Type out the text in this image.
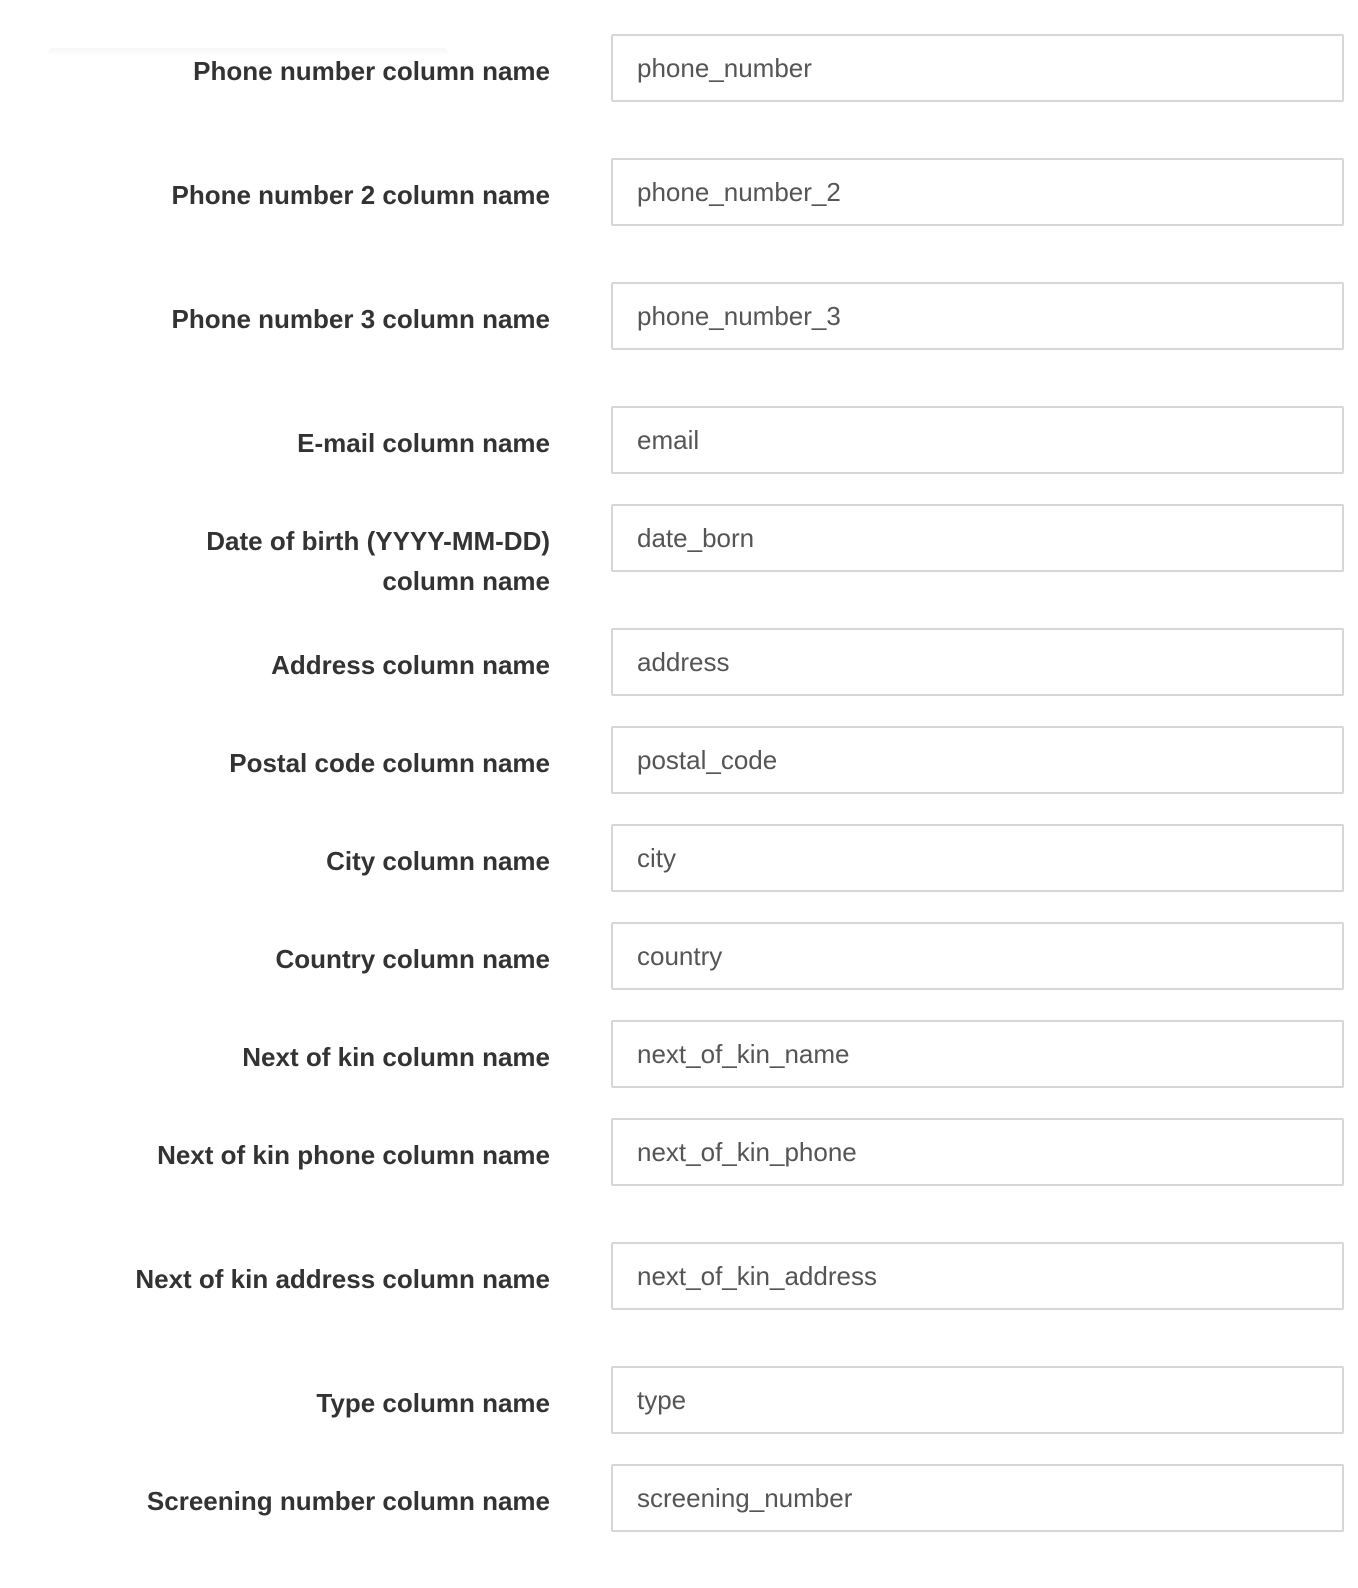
Phone number column name
phone_number
Phone number 2 column name
phone_number_2
Phone number 3 column name
phone_number_3
E-mail column name
email
Date of birth (YYYY-MM-DD) column name
date_born
Address column name
address
Postal code column name
postal_code
City column name
city
Country column name
country
Next of kin column name
next_of_kin_name
Next of kin phone column name
next_of_kin_phone
Next of kin address column name
next_of_kin_address
Type column name
type
Screening number column name
screening_number
